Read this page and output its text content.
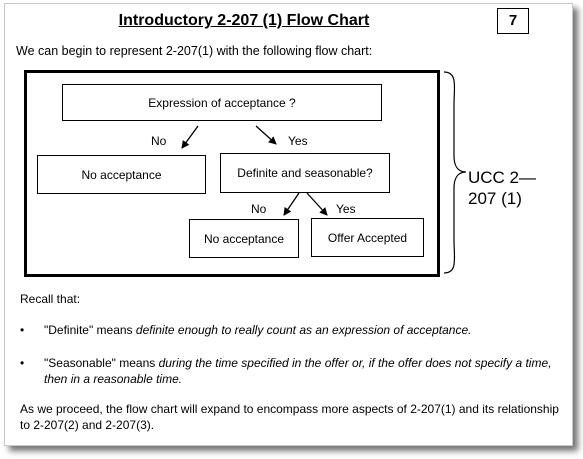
Introductory 2-207 (1) Flow Chart	7
We can begin to represent 2-207(1) with the following flow chart:
Expression of acceptance ?
No acceptance	Definite and seasonable?
No acceptance	Offer Accepted
No	Yes
No	Yes
UCC 2—
207 (1)
Recall that:
• "Definite" means definite enough to really count as an expression of acceptance.
• "Seasonable" means during the time specified in the offer or, if the offer does not specify a time, then in a reasonable time.
As we proceed, the flow chart will expand to encompass more aspects of 2-207(1) and its relationship to 2-207(2) and 2-207(3).
